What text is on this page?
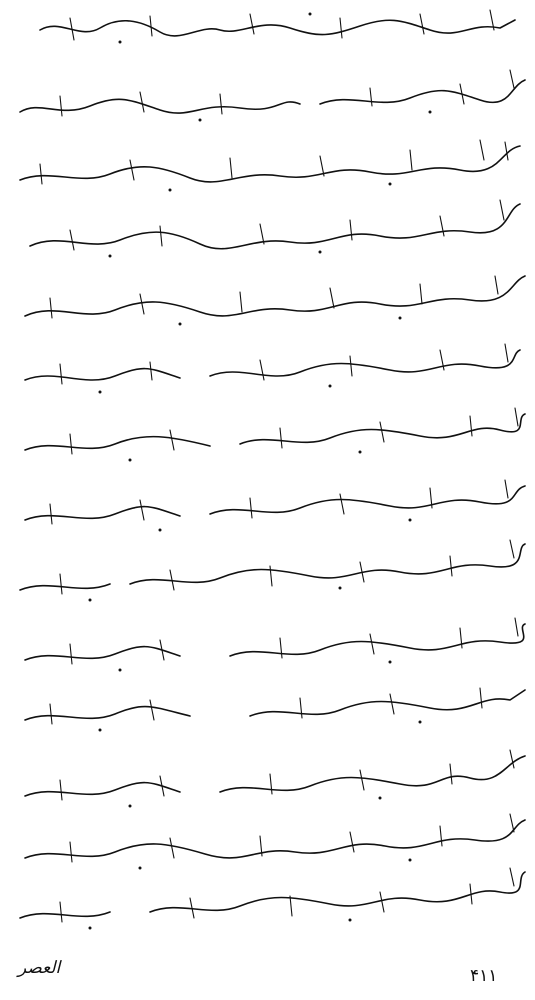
العصر	۴۱۱
